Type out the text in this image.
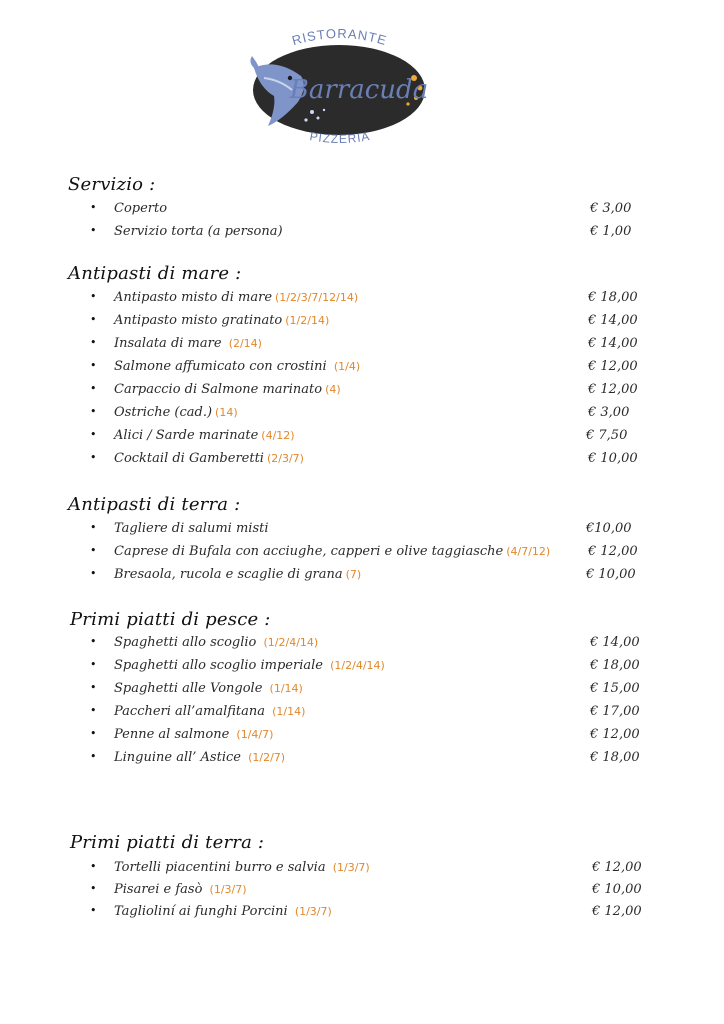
RISTORANTE
PIZZERIA
Barracuda
Servizio :
• Coperto	€ 3,00
• Servizio torta (a persona)	€ 1,00
Antipasti di mare :
• Antipasto misto di mare (1/2/3/7/12/14)	€ 18,00
• Antipasto misto gratinato (1/2/14)	€ 14,00
• Insalata di mare (2/14)	€ 14,00
• Salmone affumicato con crostini (1/4)	€ 12,00
• Carpaccio di Salmone marinato (4)	€ 12,00
• Ostriche (cad.) (14)	€ 3,00
• Alici / Sarde marinate (4/12)	€ 7,50
• Cocktail di Gamberetti (2/3/7)	€ 10,00
Antipasti di terra :
• Tagliere di salumi misti	€10,00
• Caprese di Bufala con acciughe, capperi e olive taggiasche (4/7/12)	€ 12,00
• Bresaola, rucola e scaglie di grana (7)	€ 10,00
Primi piatti di pesce :
• Spaghetti allo scoglio (1/2/4/14)	€ 14,00
• Spaghetti allo scoglio imperiale (1/2/4/14)	€ 18,00
• Spaghetti alle Vongole (1/14)	€ 15,00
• Paccheri all’amalfitana (1/14)	€ 17,00
• Penne al salmone (1/4/7)	€ 12,00
• Linguine all’ Astice (1/2/7)	€ 18,00
Primi piatti di terra :
• Tortelli piacentini burro e salvia (1/3/7)	€ 12,00
• Pisarei e fasò (1/3/7)	€ 10,00
• Taglioliní ai funghi Porcini (1/3/7)	€ 12,00
